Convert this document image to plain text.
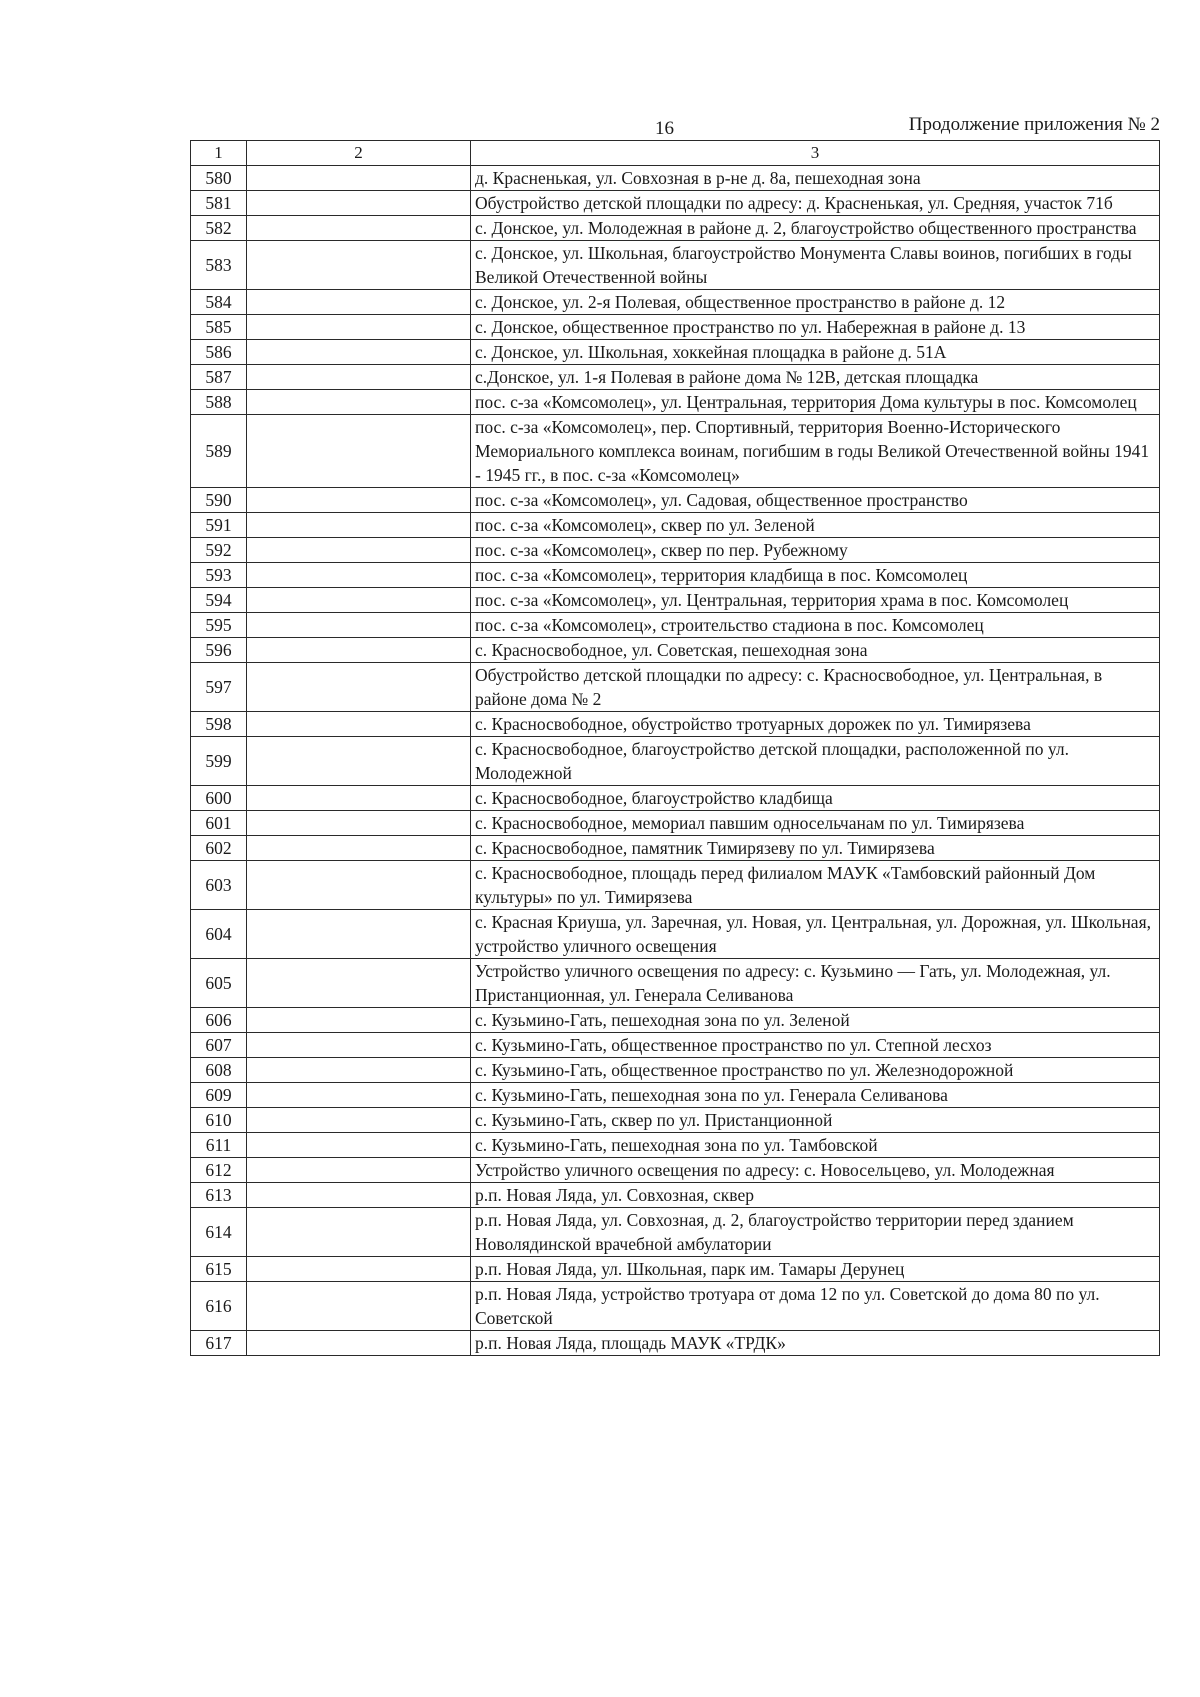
16	Продолжение приложения № 2
1	2	3
580		д. Красненькая, ул. Совхозная в р-не д. 8а, пешеходная зона
581		Обустройство детской площадки по адресу: д. Красненькая, ул. Средняя, участок 71б
582		с. Донское, ул. Молодежная в районе д. 2, благоустройство общественного пространства
583		с. Донское, ул. Школьная, благоустройство Монумента Славы воинов, погибших в годы Великой Отечественной войны
584		с. Донское, ул. 2-я Полевая, общественное пространство в районе д. 12
585		с. Донское, общественное пространство по ул. Набережная в районе д. 13
586		с. Донское, ул. Школьная, хоккейная площадка в районе д. 51А
587		с.Донское, ул. 1-я Полевая в районе дома № 12В, детская площадка
588		пос. с-за «Комсомолец», ул. Центральная, территория Дома культуры в пос. Комсомолец
589		пос. с-за «Комсомолец», пер. Спортивный, территория Военно-Исторического Мемориального комплекса воинам, погибшим в годы Великой Отечественной войны 1941 - 1945 гг., в пос. с-за «Комсомолец»
590		пос. с-за «Комсомолец», ул. Садовая, общественное пространство
591		пос. с-за «Комсомолец», сквер по ул. Зеленой
592		пос. с-за «Комсомолец», сквер по пер. Рубежному
593		пос. с-за «Комсомолец», территория кладбища в пос. Комсомолец
594		пос. с-за «Комсомолец», ул. Центральная, территория храма в пос. Комсомолец
595		пос. с-за «Комсомолец», строительство стадиона в пос. Комсомолец
596		с. Красносвободное, ул. Советская, пешеходная зона
597		Обустройство детской площадки по адресу: с. Красносвободное, ул. Центральная, в районе дома № 2
598		с. Красносвободное, обустройство тротуарных дорожек по ул. Тимирязева
599		с. Красносвободное, благоустройство детской площадки, расположенной по ул. Молодежной
600		с. Красносвободное, благоустройство кладбища
601		с. Красносвободное, мемориал павшим односельчанам по ул. Тимирязева
602		с. Красносвободное, памятник Тимирязеву по ул. Тимирязева
603		с. Красносвободное, площадь перед филиалом МАУК «Тамбовский районный Дом культуры» по ул. Тимирязева
604		с. Красная Криуша, ул. Заречная, ул. Новая, ул. Центральная, ул. Дорожная, ул. Школьная, устройство уличного освещения
605		Устройство уличного освещения по адресу: с. Кузьмино — Гать, ул. Молодежная, ул. Пристанционная, ул. Генерала Селиванова
606		с. Кузьмино-Гать, пешеходная зона по ул. Зеленой
607		с. Кузьмино-Гать, общественное пространство по ул. Степной лесхоз
608		с. Кузьмино-Гать, общественное пространство по ул. Железнодорожной
609		с. Кузьмино-Гать, пешеходная зона по ул. Генерала Селиванова
610		с. Кузьмино-Гать, сквер по ул. Пристанционной
611		с. Кузьмино-Гать, пешеходная зона по ул. Тамбовской
612		Устройство уличного освещения по адресу: с. Новосельцево, ул. Молодежная
613		р.п. Новая Ляда, ул. Совхозная, сквер
614		р.п. Новая Ляда, ул. Совхозная, д. 2, благоустройство территории перед зданием Новолядинской врачебной амбулатории
615		р.п. Новая Ляда, ул. Школьная, парк им. Тамары Дерунец
616		р.п. Новая Ляда, устройство тротуара от дома 12 по ул. Советской до дома 80 по ул. Советской
617		р.п. Новая Ляда, площадь МАУК «ТРДК»
